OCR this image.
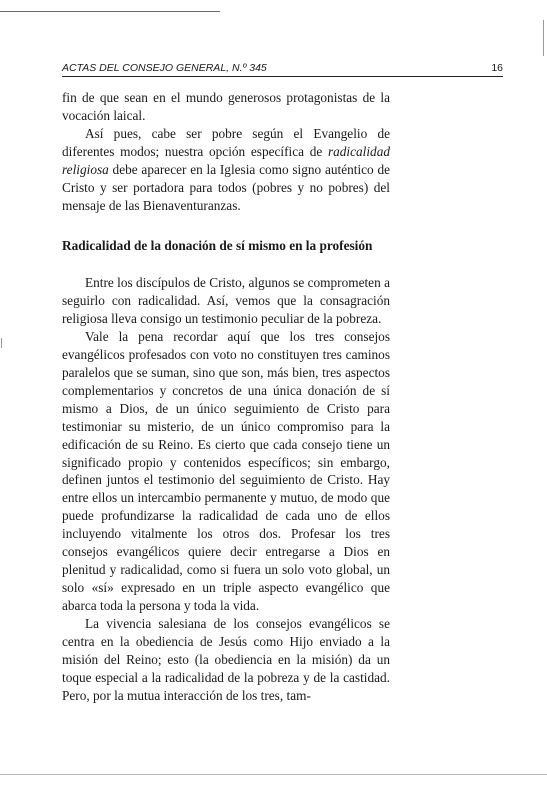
ACTAS DEL CONSEJO GENERAL, N.º 345	16

fin de que sean en el mundo generosos protagonistas de la vocación laical.

Así pues, cabe ser pobre según el Evangelio de diferentes modos; nuestra opción específica de radicalidad religiosa debe aparecer en la Iglesia como signo auténtico de Cristo y ser portadora para todos (pobres y no pobres) del mensaje de las Bienaventuranzas.

Radicalidad de la donación de sí mismo en la profesión

Entre los discípulos de Cristo, algunos se comprometen a seguirlo con radicalidad. Así, vemos que la consagración religiosa lleva consigo un testimonio peculiar de la pobreza.

Vale la pena recordar aquí que los tres consejos evangélicos profesados con voto no constituyen tres caminos paralelos que se suman, sino que son, más bien, tres aspectos complementarios y concretos de una única donación de sí mismo a Dios, de un único seguimiento de Cristo para testimoniar su misterio, de un único compromiso para la edificación de su Reino. Es cierto que cada consejo tiene un significado propio y contenidos específicos; sin embargo, definen juntos el testimonio del seguimiento de Cristo. Hay entre ellos un intercambio permanente y mutuo, de modo que puede profundizarse la radicalidad de cada uno de ellos incluyendo vitalmente los otros dos. Profesar los tres consejos evangélicos quiere decir entregarse a Dios en plenitud y radicalidad, como si fuera un solo voto global, un solo «sí» expresado en un triple aspecto evangélico que abarca toda la persona y toda la vida.

La vivencia salesiana de los consejos evangélicos se centra en la obediencia de Jesús como Hijo enviado a la misión del Reino; esto (la obediencia en la misión) da un toque especial a la radicalidad de la pobreza y de la castidad. Pero, por la mutua interacción de los tres, tam-
